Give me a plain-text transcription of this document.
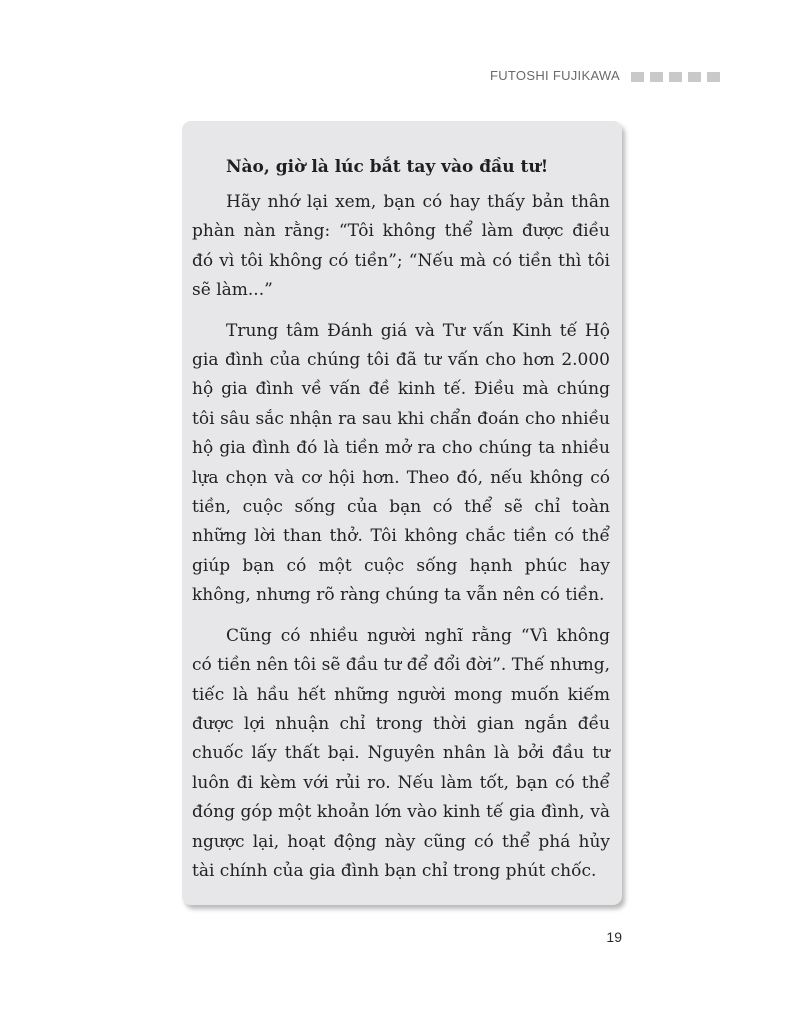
FUTOSHI FUJIKAWA

Nào, giờ là lúc bắt tay vào đầu tư!

Hãy nhớ lại xem, bạn có hay thấy bản thân phàn nàn rằng: “Tôi không thể làm được điều đó vì tôi không có tiền”; “Nếu mà có tiền thì tôi sẽ làm...”

Trung tâm Đánh giá và Tư vấn Kinh tế Hộ gia đình của chúng tôi đã tư vấn cho hơn 2.000 hộ gia đình về vấn đề kinh tế. Điều mà chúng tôi sâu sắc nhận ra sau khi chẩn đoán cho nhiều hộ gia đình đó là tiền mở ra cho chúng ta nhiều lựa chọn và cơ hội hơn. Theo đó, nếu không có tiền, cuộc sống của bạn có thể sẽ chỉ toàn những lời than thở. Tôi không chắc tiền có thể giúp bạn có một cuộc sống hạnh phúc hay không, nhưng rõ ràng chúng ta vẫn nên có tiền.

Cũng có nhiều người nghĩ rằng “Vì không có tiền nên tôi sẽ đầu tư để đổi đời”. Thế nhưng, tiếc là hầu hết những người mong muốn kiếm được lợi nhuận chỉ trong thời gian ngắn đều chuốc lấy thất bại. Nguyên nhân là bởi đầu tư luôn đi kèm với rủi ro. Nếu làm tốt, bạn có thể đóng góp một khoản lớn vào kinh tế gia đình, và ngược lại, hoạt động này cũng có thể phá hủy tài chính của gia đình bạn chỉ trong phút chốc.

19
